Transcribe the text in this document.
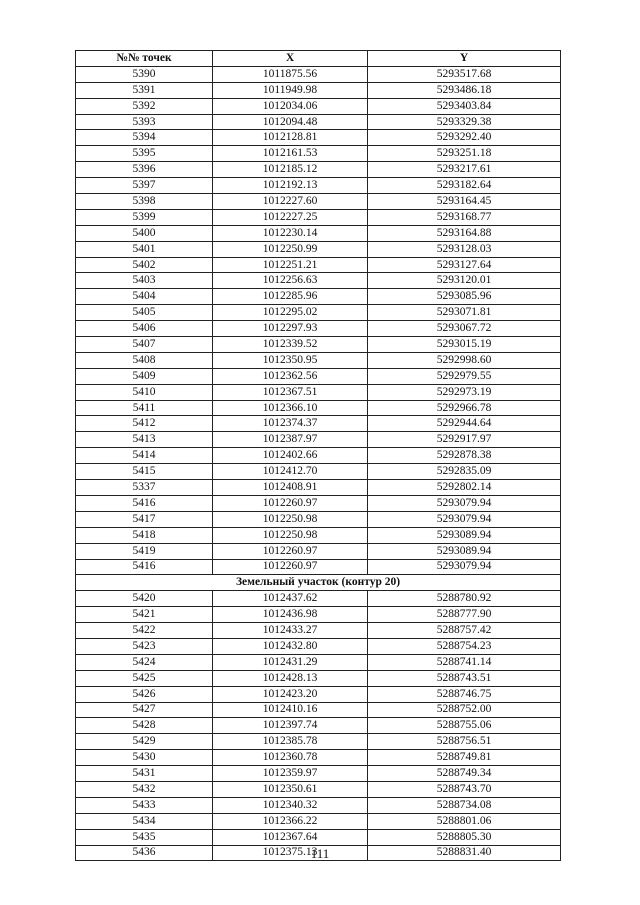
№№ точек	X	Y
5390	1011875.56	5293517.68
5391	1011949.98	5293486.18
5392	1012034.06	5293403.84
5393	1012094.48	5293329.38
5394	1012128.81	5293292.40
5395	1012161.53	5293251.18
5396	1012185.12	5293217.61
5397	1012192.13	5293182.64
5398	1012227.60	5293164.45
5399	1012227.25	5293168.77
5400	1012230.14	5293164.88
5401	1012250.99	5293128.03
5402	1012251.21	5293127.64
5403	1012256.63	5293120.01
5404	1012285.96	5293085.96
5405	1012295.02	5293071.81
5406	1012297.93	5293067.72
5407	1012339.52	5293015.19
5408	1012350.95	5292998.60
5409	1012362.56	5292979.55
5410	1012367.51	5292973.19
5411	1012366.10	5292966.78
5412	1012374.37	5292944.64
5413	1012387.97	5292917.97
5414	1012402.66	5292878.38
5415	1012412.70	5292835.09
5337	1012408.91	5292802.14
5416	1012260.97	5293079.94
5417	1012250.98	5293079.94
5418	1012250.98	5293089.94
5419	1012260.97	5293089.94
5416	1012260.97	5293079.94
Земельный участок (контур 20)		
5420	1012437.62	5288780.92
5421	1012436.98	5288777.90
5422	1012433.27	5288757.42
5423	1012432.80	5288754.23
5424	1012431.29	5288741.14
5425	1012428.13	5288743.51
5426	1012423.20	5288746.75
5427	1012410.16	5288752.00
5428	1012397.74	5288755.06
5429	1012385.78	5288756.51
5430	1012360.78	5288749.81
5431	1012359.97	5288749.34
5432	1012350.61	5288743.70
5433	1012340.32	5288734.08
5434	1012366.22	5288801.06
5435	1012367.64	5288805.30
5436	1012375.13	5288831.40
111
